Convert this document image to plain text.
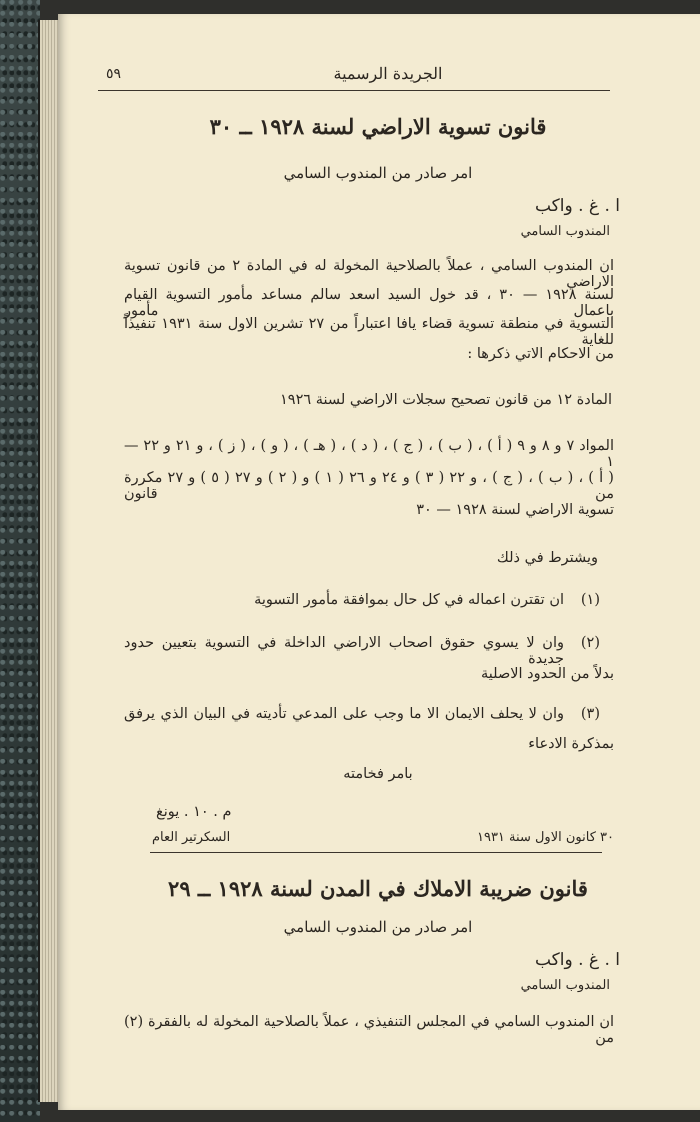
٥٩	الجريدة الرسمية
قانون تسوية الاراضي لسنة ١٩٢٨ ــ ٣٠
امر صادر من المندوب السامي
ا . غ . واكب
المندوب السامي
ان المندوب السامي ، عملاً بالصلاحية المخولة له في المادة ٢ من قانون تسوية الاراضي
لسنة ١٩٢٨ — ٣٠ ، قد خول السيد اسعد سالم مساعد مأمور التسوية القيام باعمال مأمور
التسوية في منطقة تسوية قضاء يافا اعتباراً من ٢٧ تشرين الاول سنة ١٩٣١ تنفيذاً للغاية
من الاحكام الاتي ذكرها :
المادة ١٢ من قانون تصحيح سجلات الاراضي لسنة ١٩٢٦
المواد ٧ و ٨ و ٩ ( أ ) ، ( ب ) ، ( ج ) ، ( د ) ، ( هـ ) ، ( و ) ، ( ز ) ، و ٢١ و ٢٢ — ١
( أ ) ، ( ب ) ، ( ج ) ، و ٢٢ ( ٣ ) و ٢٤ و ٢٦ ( ١ ) و ( ٢ ) و ٢٧ ( ٥ ) و ٢٧ مكررة من قانون
تسوية الاراضي لسنة ١٩٢٨ — ٣٠
ويشترط في ذلك
(١)
ان تقترن اعماله في كل حال بموافقة مأمور التسوية
(٢)
وان لا يسوي حقوق اصحاب الاراضي الداخلة في التسوية بتعيين حدود جديدة
بدلاً من الحدود الاصلية
(٣)
وان لا يحلف الايمان الا ما وجب على المدعي تأديته في البيان الذي يرفق
بمذكرة الادعاء
بامر فخامته
م . ١٠ . يونغ
السكرتير العام	٣٠ كانون الاول سنة ١٩٣١
قانون ضريبة الاملاك في المدن لسنة ١٩٢٨ ــ ٢٩
امر صادر من المندوب السامي
ا . غ . واكب
المندوب السامي
ان المندوب السامي في المجلس التنفيذي ، عملاً بالصلاحية المخولة له بالفقرة (٢) من
